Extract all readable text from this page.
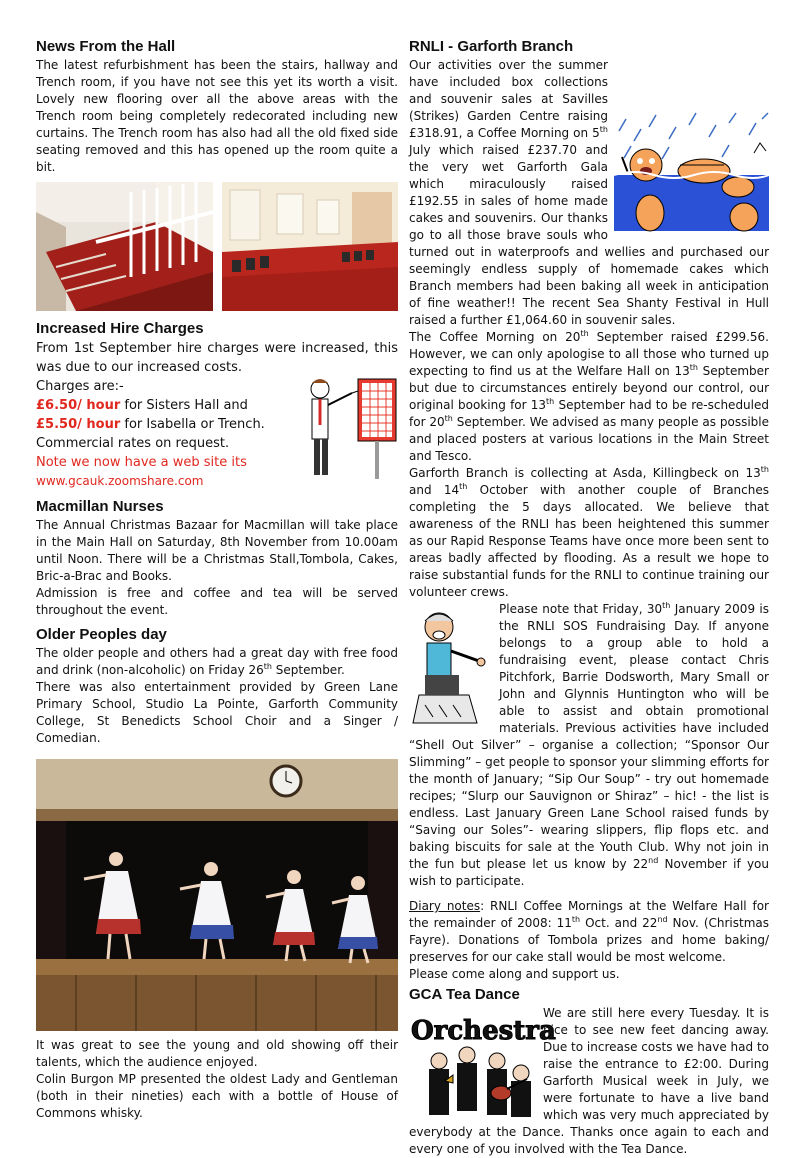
News From the Hall

The latest refurbishment has been the stairs, hallway and Trench room, if you have not see this yet its worth a visit. Lovely new flooring over all the above areas with the Trench room being completely redecorated including new curtains. The Trench room has also had all the old fixed side seating removed and this has opened up the room quite a bit.

Increased Hire Charges

From 1st September hire charges were increased, this was due to our increased costs.

Charges are:-
£6.50/ hour for Sisters Hall and
£5.50/ hour for Isabella or Trench.
Commercial rates on request.
Note we now have a web site its
www.gcauk.zoomshare.com
Macmillan Nurses

The Annual Christmas Bazaar for Macmillan will take place in the Main Hall on Saturday, 8th November from 10.00am until Noon. There will be a Christmas Stall,Tombola, Cakes, Bric-a-Brac and Books.

Admission is free and coffee and tea will be served throughout the event.

Older Peoples day

The older people and others had a great day with free food and drink (non-alcoholic) on Friday 26th September.

There was also entertainment provided by Green Lane Primary School, Studio La Pointe, Garforth Community College, St Benedicts School Choir and a Singer / Comedian.

It was great to see the young and old showing off their talents, which the audience enjoyed.

Colin Burgon MP presented the oldest Lady and Gentleman (both in their nineties) each with a bottle of House of Commons whisky.

RNLI - Garforth Branch

Our activities over the summer have included box collections and souvenir sales at Savilles (Strikes) Garden Centre raising £318.91, a Coffee Morning on 5th July which raised £237.70 and the very wet Garforth Gala which miraculously raised £192.55 in sales of home made cakes and souvenirs. Our thanks go to all those brave souls who turned out in waterproofs and wellies and purchased our seemingly endless supply of homemade cakes which Branch members had been baking all week in anticipation of fine weather!! The recent Sea Shanty Festival in Hull raised a further £1,064.60 in souvenir sales.

The Coffee Morning on 20th September raised £299.56. However, we can only apologise to all those who turned up expecting to find us at the Welfare Hall on 13th September but due to circumstances entirely beyond our control, our original booking for 13th September had to be re-scheduled for 20th September. We advised as many people as possible and placed posters at various locations in the Main Street and Tesco.

Garforth Branch is collecting at Asda, Killingbeck on 13th and 14th October with another couple of Branches completing the 5 days allocated. We believe that awareness of the RNLI has been heightened this summer as our Rapid Response Teams have once more been sent to areas badly affected by flooding. As a result we hope to raise substantial funds for the RNLI to continue training our volunteer crews.

Please note that Friday, 30th January 2009 is the RNLI SOS Fundraising Day. If anyone belongs to a group able to hold a fundraising event, please contact Chris Pitchfork, Barrie Dodsworth, Mary Small or John and Glynnis Huntington who will be able to assist and obtain promotional materials. Previous activities have included “Shell Out Silver” – organise a collection; “Sponsor Our Slimming” – get people to sponsor your slimming efforts for the month of January; “Sip Our Soup” - try out homemade recipes; “Slurp our Sauvignon or Shiraz” – hic! - the list is endless. Last January Green Lane School raised funds by “Saving our Soles”- wearing slippers, flip flops etc. and baking biscuits for sale at the Youth Club. Why not join in the fun but please let us know by 22nd November if you wish to participate.

Diary notes: RNLI Coffee Mornings at the Welfare Hall for the remainder of 2008: 11th Oct. and 22nd Nov. (Christmas Fayre). Donations of Tombola prizes and home baking/ preserves for our cake stall would be most welcome.

Please come along and support us.

GCA Tea Dance
Orchestra

We are still here every Tuesday. It is nice to see new feet dancing away. Due to increase costs we have had to raise the entrance to £2:00. During Garforth Musical week in July, we were fortunate to have a live band which was very much appreciated by everybody at the Dance. Thanks once again to each and every one of you involved with the Tea Dance.
